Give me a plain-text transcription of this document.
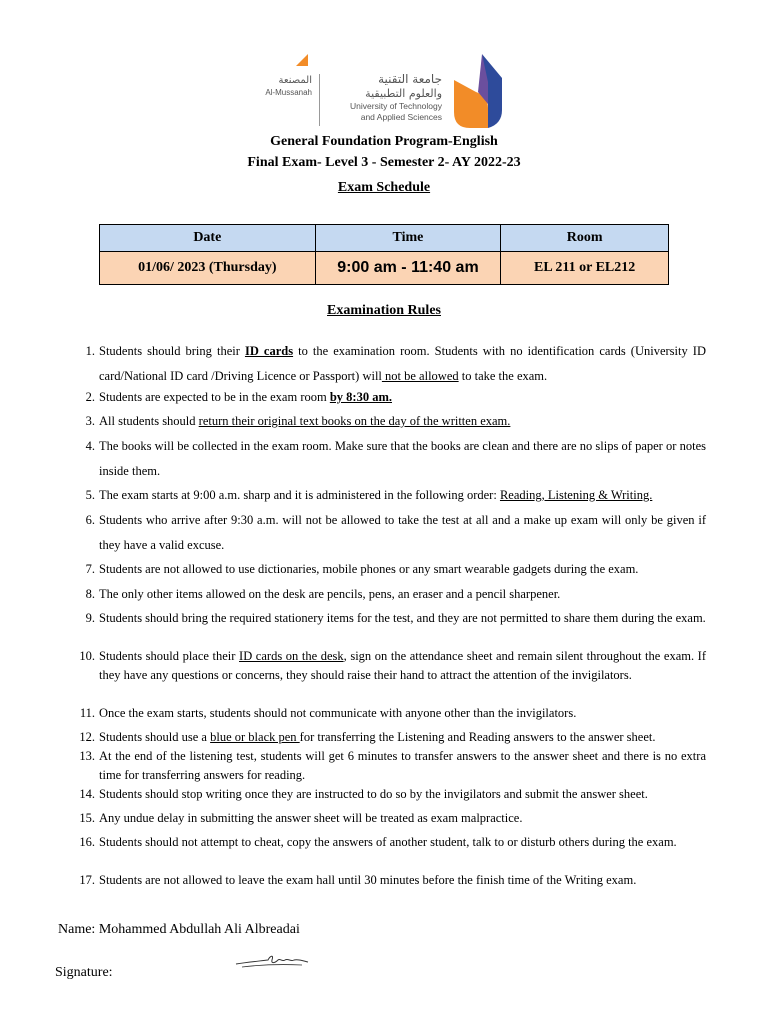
المصنعة
Al-Mussanah
جامعة التقنية
والعلوم التطبيقية
University of Technology
and Applied Sciences
General Foundation Program-English
Final Exam- Level 3 - Semester 2- AY 2022-23
Exam Schedule
Date	Time	Room
01/06/ 2023 (Thursday)	9:00 am - 11:40 am	EL 211 or EL212
Examination Rules
1. Students should bring their ID cards to the examination room. Students with no identification cards (University ID card/National ID card /Driving Licence or Passport) will not be allowed to take the exam.
2. Students are expected to be in the exam room by 8:30 am.
3. All students should return their original text books on the day of the written exam.
4. The books will be collected in the exam room. Make sure that the books are clean and there are no slips of paper or notes inside them.
5. The exam starts at 9:00 a.m. sharp and it is administered in the following order: Reading, Listening & Writing.
6. Students who arrive after 9:30 a.m. will not be allowed to take the test at all and a make up exam will only be given if they have a valid excuse.
7. Students are not allowed to use dictionaries, mobile phones or any smart wearable gadgets during the exam.
8. The only other items allowed on the desk are pencils, pens, an eraser and a pencil sharpener.
9. Students should bring the required stationery items for the test, and they are not permitted to share them during the exam.
10. Students should place their ID cards on the desk, sign on the attendance sheet and remain silent throughout the exam. If they have any questions or concerns, they should raise their hand to attract the attention of the invigilators.
11. Once the exam starts, students should not communicate with anyone other than the invigilators.
12. Students should use a blue or black pen for transferring the Listening and Reading answers to the answer sheet.
13. At the end of the listening test, students will get 6 minutes to transfer answers to the answer sheet and there is no extra time for transferring answers for reading.
14. Students should stop writing once they are instructed to do so by the invigilators and submit the answer sheet.
15. Any undue delay in submitting the answer sheet will be treated as exam malpractice.
16. Students should not attempt to cheat, copy the answers of another student, talk to or disturb others during the exam.
17. Students are not allowed to leave the exam hall until 30 minutes before the finish time of the Writing exam.
Name: Mohammed Abdullah Ali Albreadai
Signature:
